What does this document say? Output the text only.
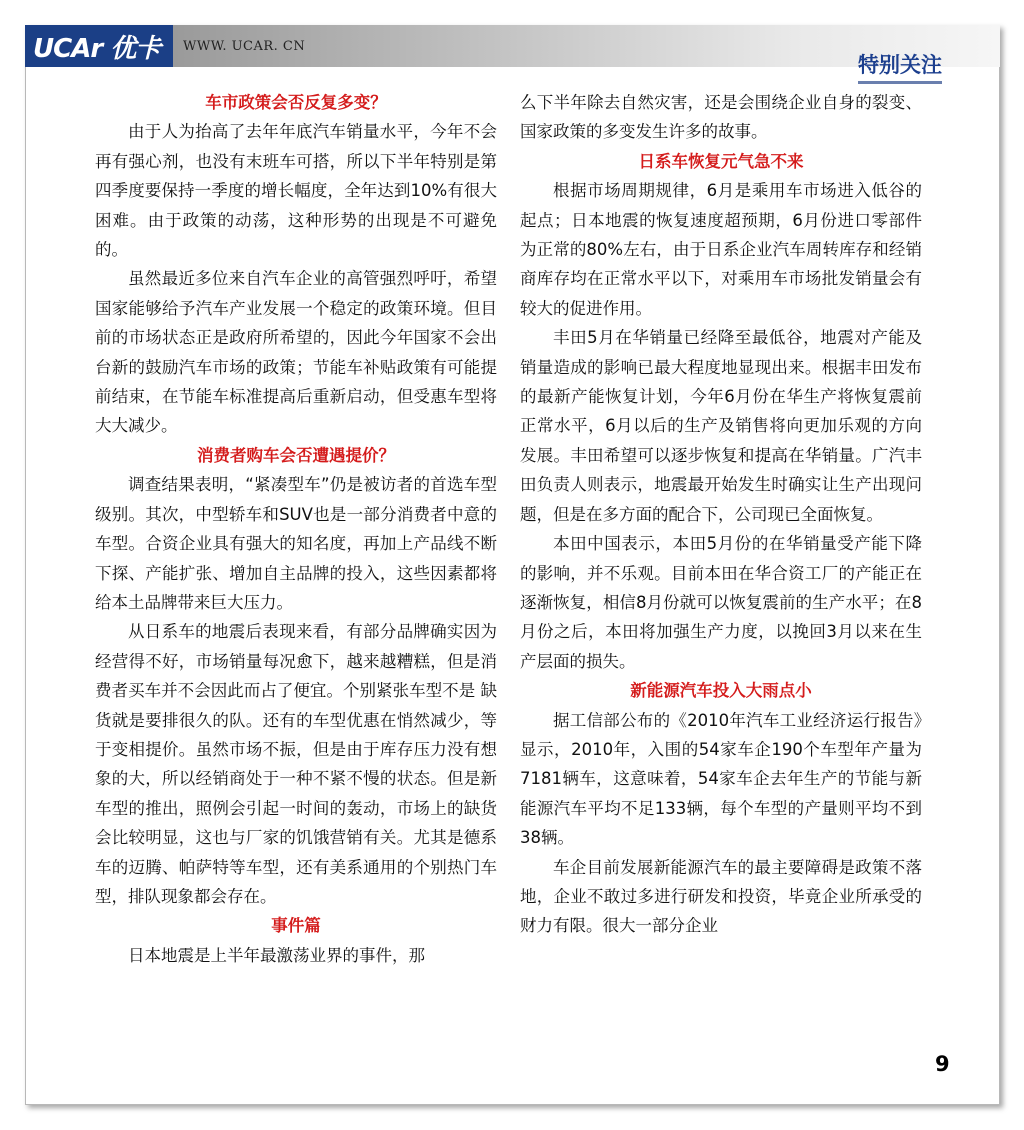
UCAr 优卡 WWW. UCAR. CN
特别关注
车市政策会否反复多变？

由于人为抬高了去年年底汽车销量水平，今年不会再有强心剂，也没有末班车可搭，所以下半年特别是第四季度要保持一季度的增长幅度，全年达到10%有很大困难。由于政策的动荡，这种形势的出现是不可避免的。

虽然最近多位来自汽车企业的高管强烈呼吁，希望国家能够给予汽车产业发展一个稳定的政策环境。但目前的市场状态正是政府所希望的，因此今年国家不会出台新的鼓励汽车市场的政策；节能车补贴政策有可能提前结束，在节能车标准提高后重新启动，但受惠车型将大大减少。

消费者购车会否遭遇提价？

调查结果表明，“紧凑型车”仍是被访者的首选车型级别。其次，中型轿车和SUV也是一部分消费者中意的车型。合资企业具有强大的知名度，再加上产品线不断下探、产能扩张、增加自主品牌的投入，这些因素都将给本土品牌带来巨大压力。

从日系车的地震后表现来看，有部分品牌确实因为经营得不好，市场销量每况愈下，越来越糟糕，但是消费者买车并不会因此而占了便宜。个别紧张车型不是 缺货就是要排很久的队。还有的车型优惠在悄然减少，等于变相提价。虽然市场不振，但是由于库存压力没有想象的大，所以经销商处于一种不紧不慢的状态。但是新车型的推出，照例会引起一时间的轰动，市场上的缺货会比较明显，这也与厂家的饥饿营销有关。尤其是德系车的迈腾、帕萨特等车型，还有美系通用的个别热门车型，排队现象都会存在。

事件篇

日本地震是上半年最激荡业界的事件，那

么下半年除去自然灾害，还是会围绕企业自身的裂变、国家政策的多变发生许多的故事。

日系车恢复元气急不来

根据市场周期规律，6月是乘用车市场进入低谷的起点；日本地震的恢复速度超预期，6月份进口零部件为正常的80%左右，由于日系企业汽车周转库存和经销商库存均在正常水平以下，对乘用车市场批发销量会有较大的促进作用。

丰田5月在华销量已经降至最低谷，地震对产能及销量造成的影响已最大程度地显现出来。根据丰田发布的最新产能恢复计划，今年6月份在华生产将恢复震前正常水平，6月以后的生产及销售将向更加乐观的方向发展。丰田希望可以逐步恢复和提高在华销量。广汽丰田负责人则表示，地震最开始发生时确实让生产出现问题，但是在多方面的配合下，公司现已全面恢复。

本田中国表示，本田5月份的在华销量受产能下降的影响，并不乐观。目前本田在华合资工厂的产能正在逐渐恢复，相信8月份就可以恢复震前的生产水平；在8月份之后，本田将加强生产力度，以挽回3月以来在生产层面的损失。

新能源汽车投入大雨点小

据工信部公布的《2010年汽车工业经济运行报告》显示，2010年，入围的54家车企190个车型年产量为7181辆车，这意味着，54家车企去年生产的节能与新能源汽车平均不足133辆，每个车型的产量则平均不到38辆。

车企目前发展新能源汽车的最主要障碍是政策不落地，企业不敢过多进行研发和投资，毕竟企业所承受的财力有限。很大一部分企业

9
